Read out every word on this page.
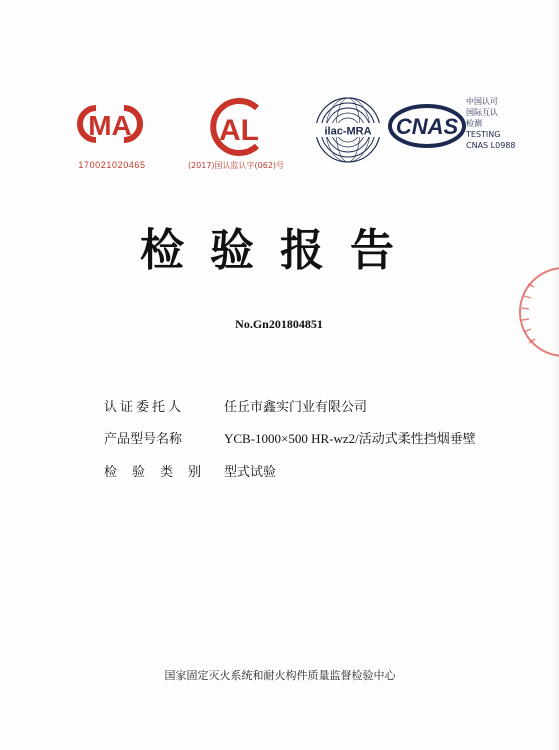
MA
170021020465
AL
(2017)国认监认字(062)号
ilac-MRA CNAS
中国认可
国际互认
检测
TESTING
CNAS L0988
检验报告
No.Gn201804851
认证委托人	任丘市鑫实门业有限公司
产品型号名称	YCB-1000×500 HR-wz2/活动式柔性挡烟垂壁
检验类别 型式试验
国家固定灭火系统和耐火构件质量监督检验中心
